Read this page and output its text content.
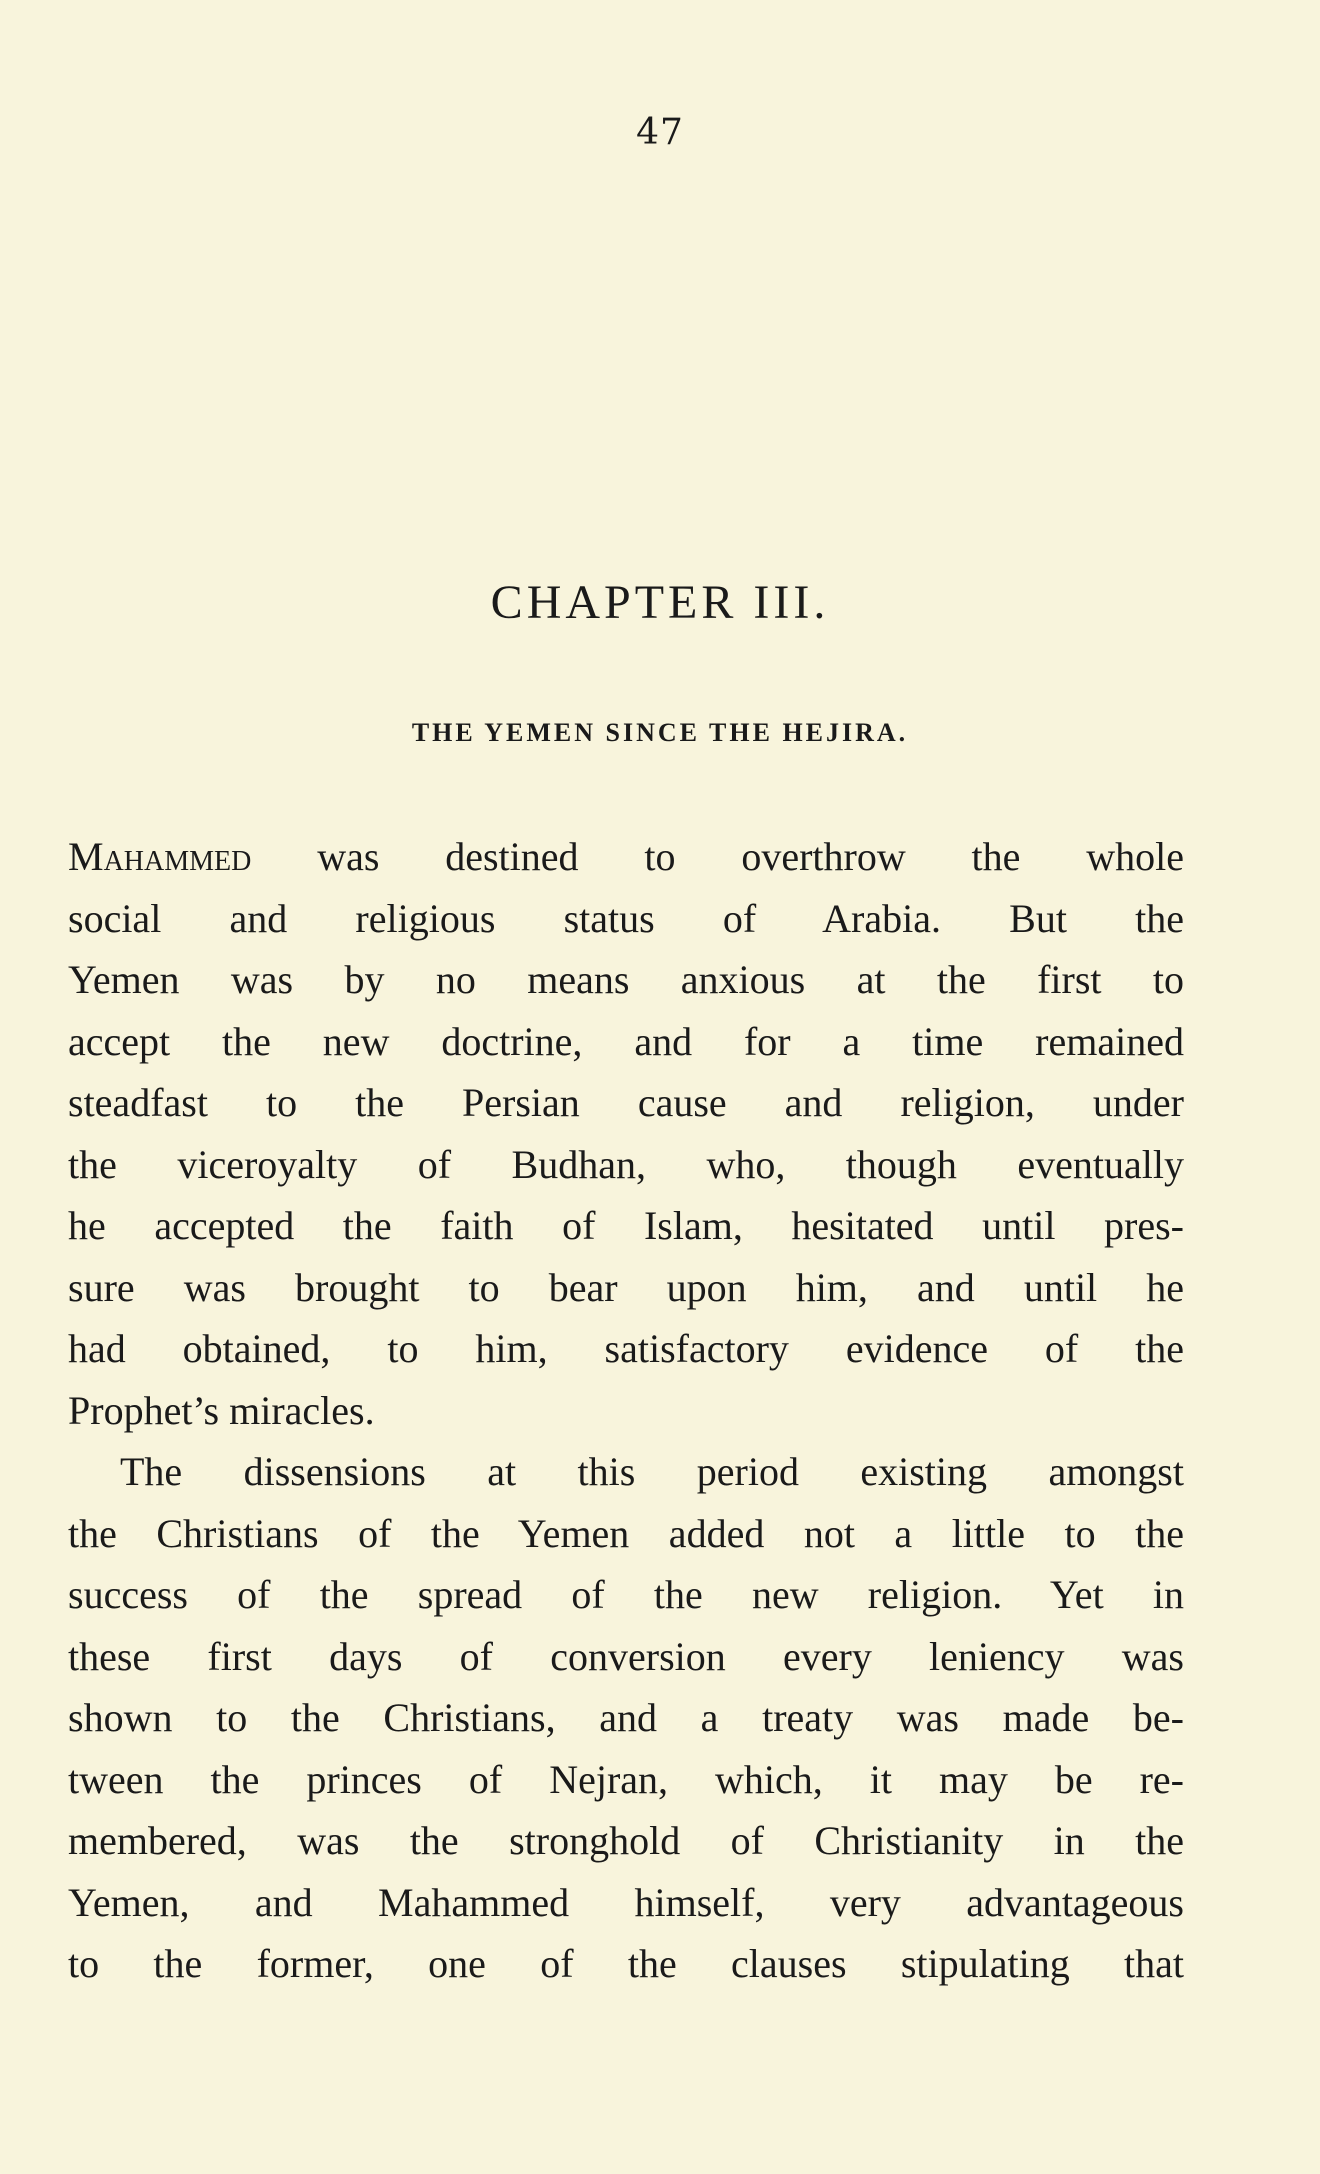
47
CHAPTER III.
THE YEMEN SINCE THE HEJIRA.
Mahammed was destined to overthrow the whole
social and religious status of Arabia. But the
Yemen was by no means anxious at the first to
accept the new doctrine, and for a time remained
steadfast to the Persian cause and religion, under
the viceroyalty of Budhan, who, though eventually
he accepted the faith of Islam, hesitated until pres-
sure was brought to bear upon him, and until he
had obtained, to him, satisfactory evidence of the
Prophet’s miracles.
The dissensions at this period existing amongst
the Christians of the Yemen added not a little to the
success of the spread of the new religion. Yet in
these first days of conversion every leniency was
shown to the Christians, and a treaty was made be-
tween the princes of Nejran, which, it may be re-
membered, was the stronghold of Christianity in the
Yemen, and Mahammed himself, very advantageous
to the former, one of the clauses stipulating that
